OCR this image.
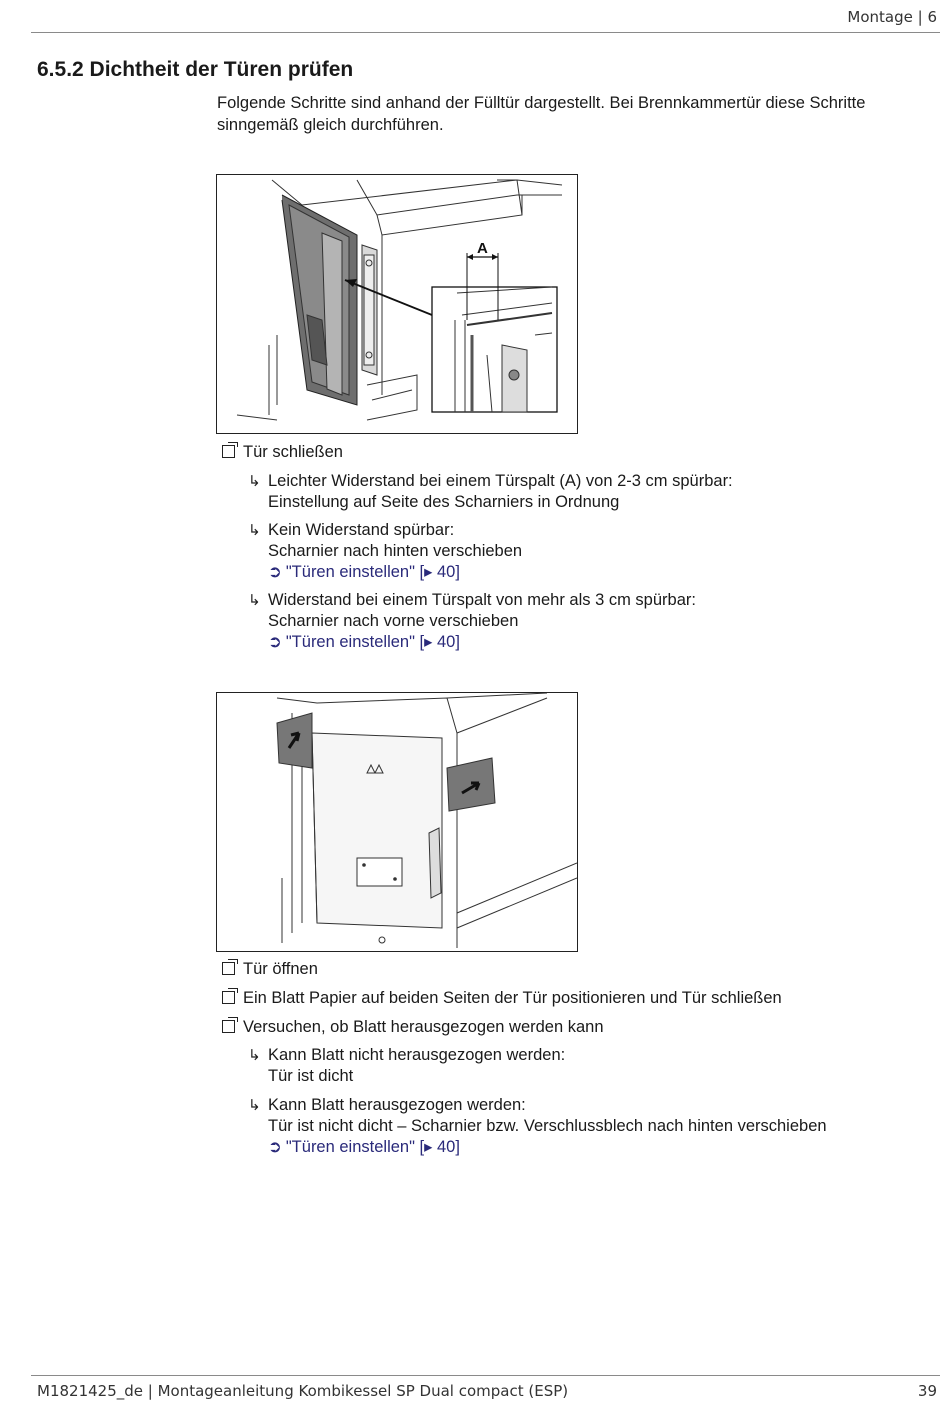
Montage | 6
6.5.2 Dichtheit der Türen prüfen
Folgende Schritte sind anhand der Fülltür dargestellt. Bei Brennkammertür diese Schritte
sinngemäß gleich durchführen.
A
Tür schließen
↳ Leichter Widerstand bei einem Türspalt (A) von 2-3 cm spürbar:
Einstellung auf Seite des Scharniers in Ordnung
↳ Kein Widerstand spürbar:
Scharnier nach hinten verschieben
➲ "Türen einstellen" [▸ 40]
↳ Widerstand bei einem Türspalt von mehr als 3 cm spürbar:
Scharnier nach vorne verschieben
➲ "Türen einstellen" [▸ 40]
Tür öffnen
Ein Blatt Papier auf beiden Seiten der Tür positionieren und Tür schließen
Versuchen, ob Blatt herausgezogen werden kann
↳ Kann Blatt nicht herausgezogen werden:
Tür ist dicht
↳ Kann Blatt herausgezogen werden:
Tür ist nicht dicht – Scharnier bzw. Verschlussblech nach hinten verschieben
➲ "Türen einstellen" [▸ 40]
M1821425_de | Montageanleitung Kombikessel SP Dual compact (ESP)	39
